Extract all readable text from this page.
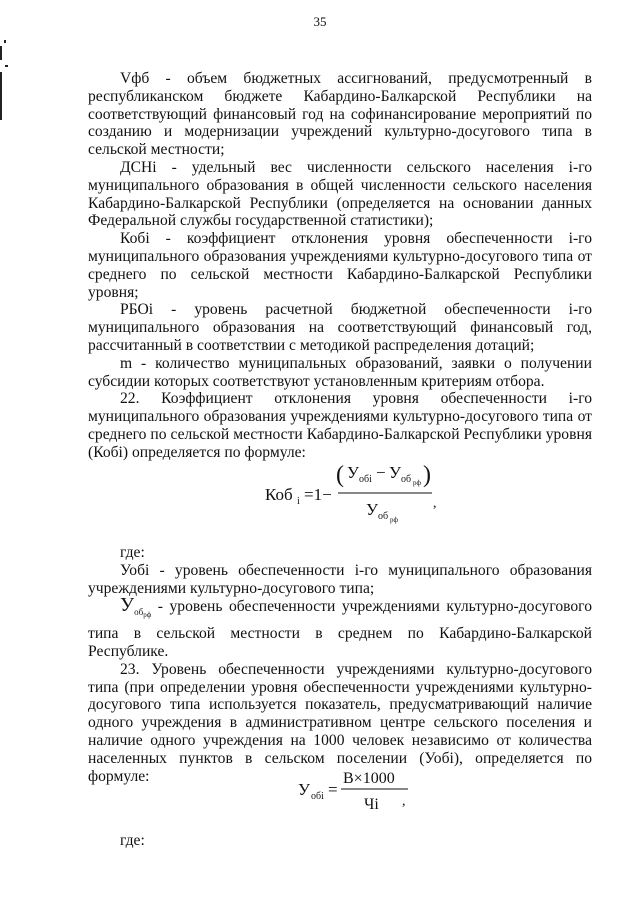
35

Vфб - объем бюджетных ассигнований, предусмотренный в республиканском бюджете Кабардино-Балкарской Республики на соответствующий финансовый год на софинансирование мероприятий по созданию и модернизации учреждений культурно-досугового типа в сельской местности;

ДСНі - удельный вес численности сельского населения і-го муниципального образования в общей численности сельского населения Кабардино-Балкарской Республики (определяется на основании данных Федеральной службы государственной статистики);

Кобі - коэффициент отклонения уровня обеспеченности і-го муниципального образования учреждениями культурно-досугового типа от среднего по сельской местности Кабардино-Балкарской Республики уровня;

РБОі - уровень расчетной бюджетной обеспеченности і-го муниципального образования на соответствующий финансовый год, рассчитанный в соответствии с методикой распределения дотаций;

m - количество муниципальных образований, заявки о получении субсидии которых соответствуют установленным критериям отбора.

22. Коэффициент отклонения уровня обеспеченности і-го муниципального образования учреждениями культурно-досугового типа от среднего по сельской местности Кабардино-Балкарской Республики уровня (Кобі) определяется по формуле:

Коб i =1−
( У обі − У об рф )
У об рф
,

где:

Уобі - уровень обеспеченности і-го муниципального образования учреждениями культурно-досугового типа;

$У_{обрф}$ - уровень обеспеченности учреждениями культурно-досугового типа в сельской местности в среднем по Кабардино-Балкарской Республике.

23. Уровень обеспеченности учреждениями культурно-досугового типа (при определении уровня обеспеченности учреждениями культурно-досугового типа используется показатель, предусматривающий наличие одного учреждения в административном центре сельского поселения и наличие одного учреждения на 1000 человек независимо от количества населенных пунктов в сельском поселении (Уобі), определяется по формуле:

У обі =
В×1000
Чі ,

где:
